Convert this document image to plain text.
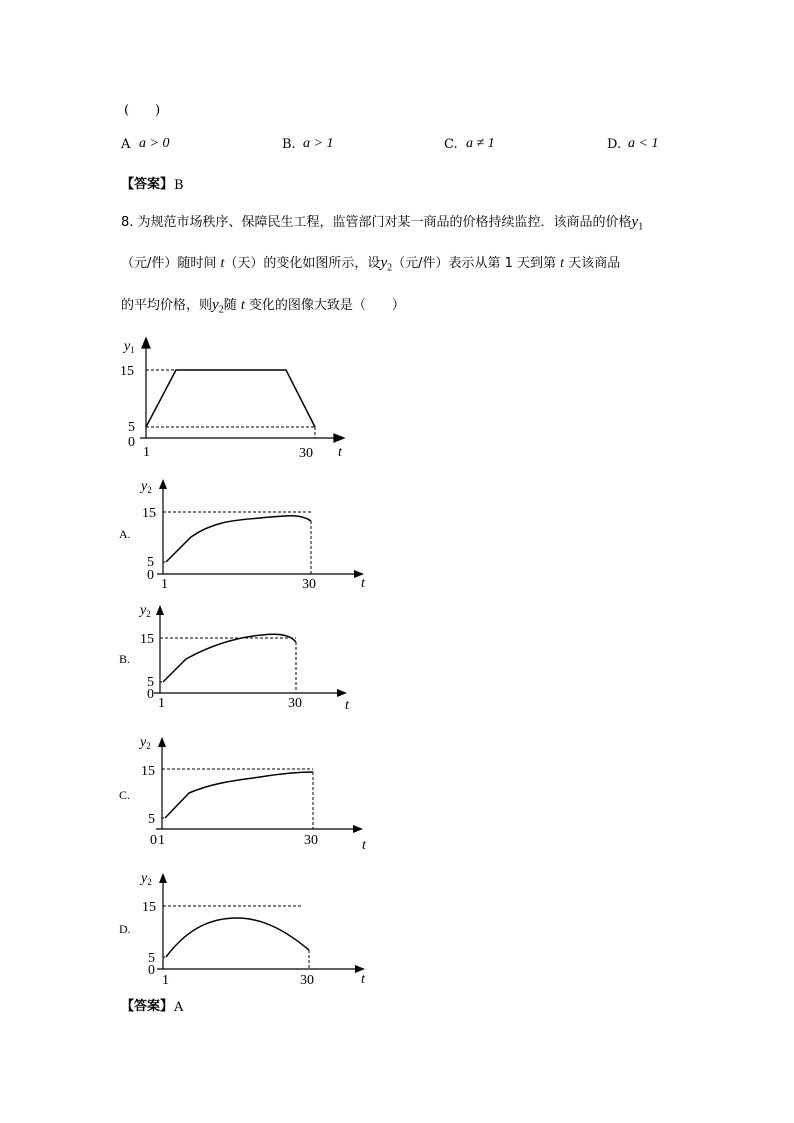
(　　)
A a > 0	B. a > 1	C. a ≠ 1	D. a < 1
【答案】 B
8. 为规范市场秩序、保障民生工程，监管部门对某一商品的价格持续监控．该商品的价格$y_1$
（元/件）随时间 t（天）的变化如图所示，设$y_2$（元/件）表示从第 1 天到第 t 天该商品
的平均价格，则$y_2$随 t 变化的图像大致是（　　）
$y_1$
15
5
0
1	30 t
A.
$y_2$
15
5
0
1	30	t
B.
$y_2$
15
5
0
1	30	t
C.
$y_2$
15
5
0 1	30	t
D.
$y_2$
15
5
0
1	30	t
【答案】 A
